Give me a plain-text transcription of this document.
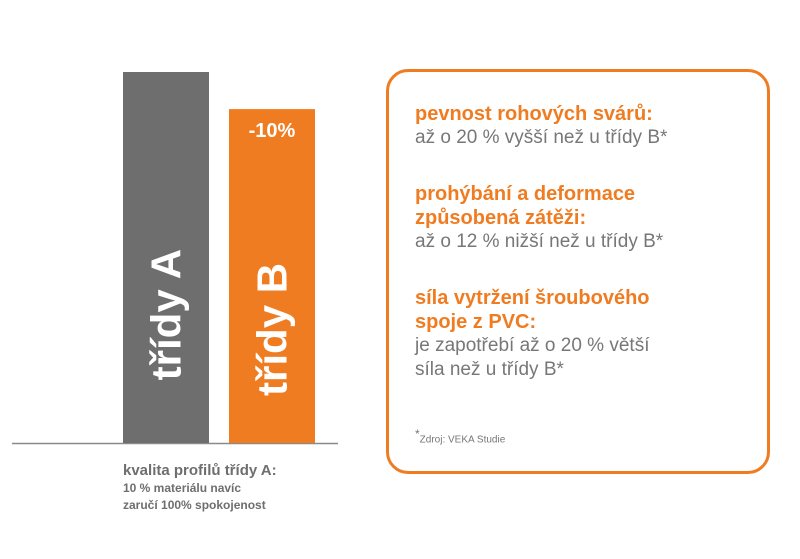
třídy A třídy B
-10%
kvalita profilů třídy A:
10 % materiálu navíc
zaručí 100% spokojenost
pevnost rohových svárů:
až o 20 % vyšší než u třídy B*
prohýbání a deformace
způsobená zátěži:
až o 12 % nižší než u třídy B*
síla vytržení šroubového
spoje z PVC:
je zapotřebí až o 20 % větší
síla než u třídy B*
*Zdroj: VEKA Studie
